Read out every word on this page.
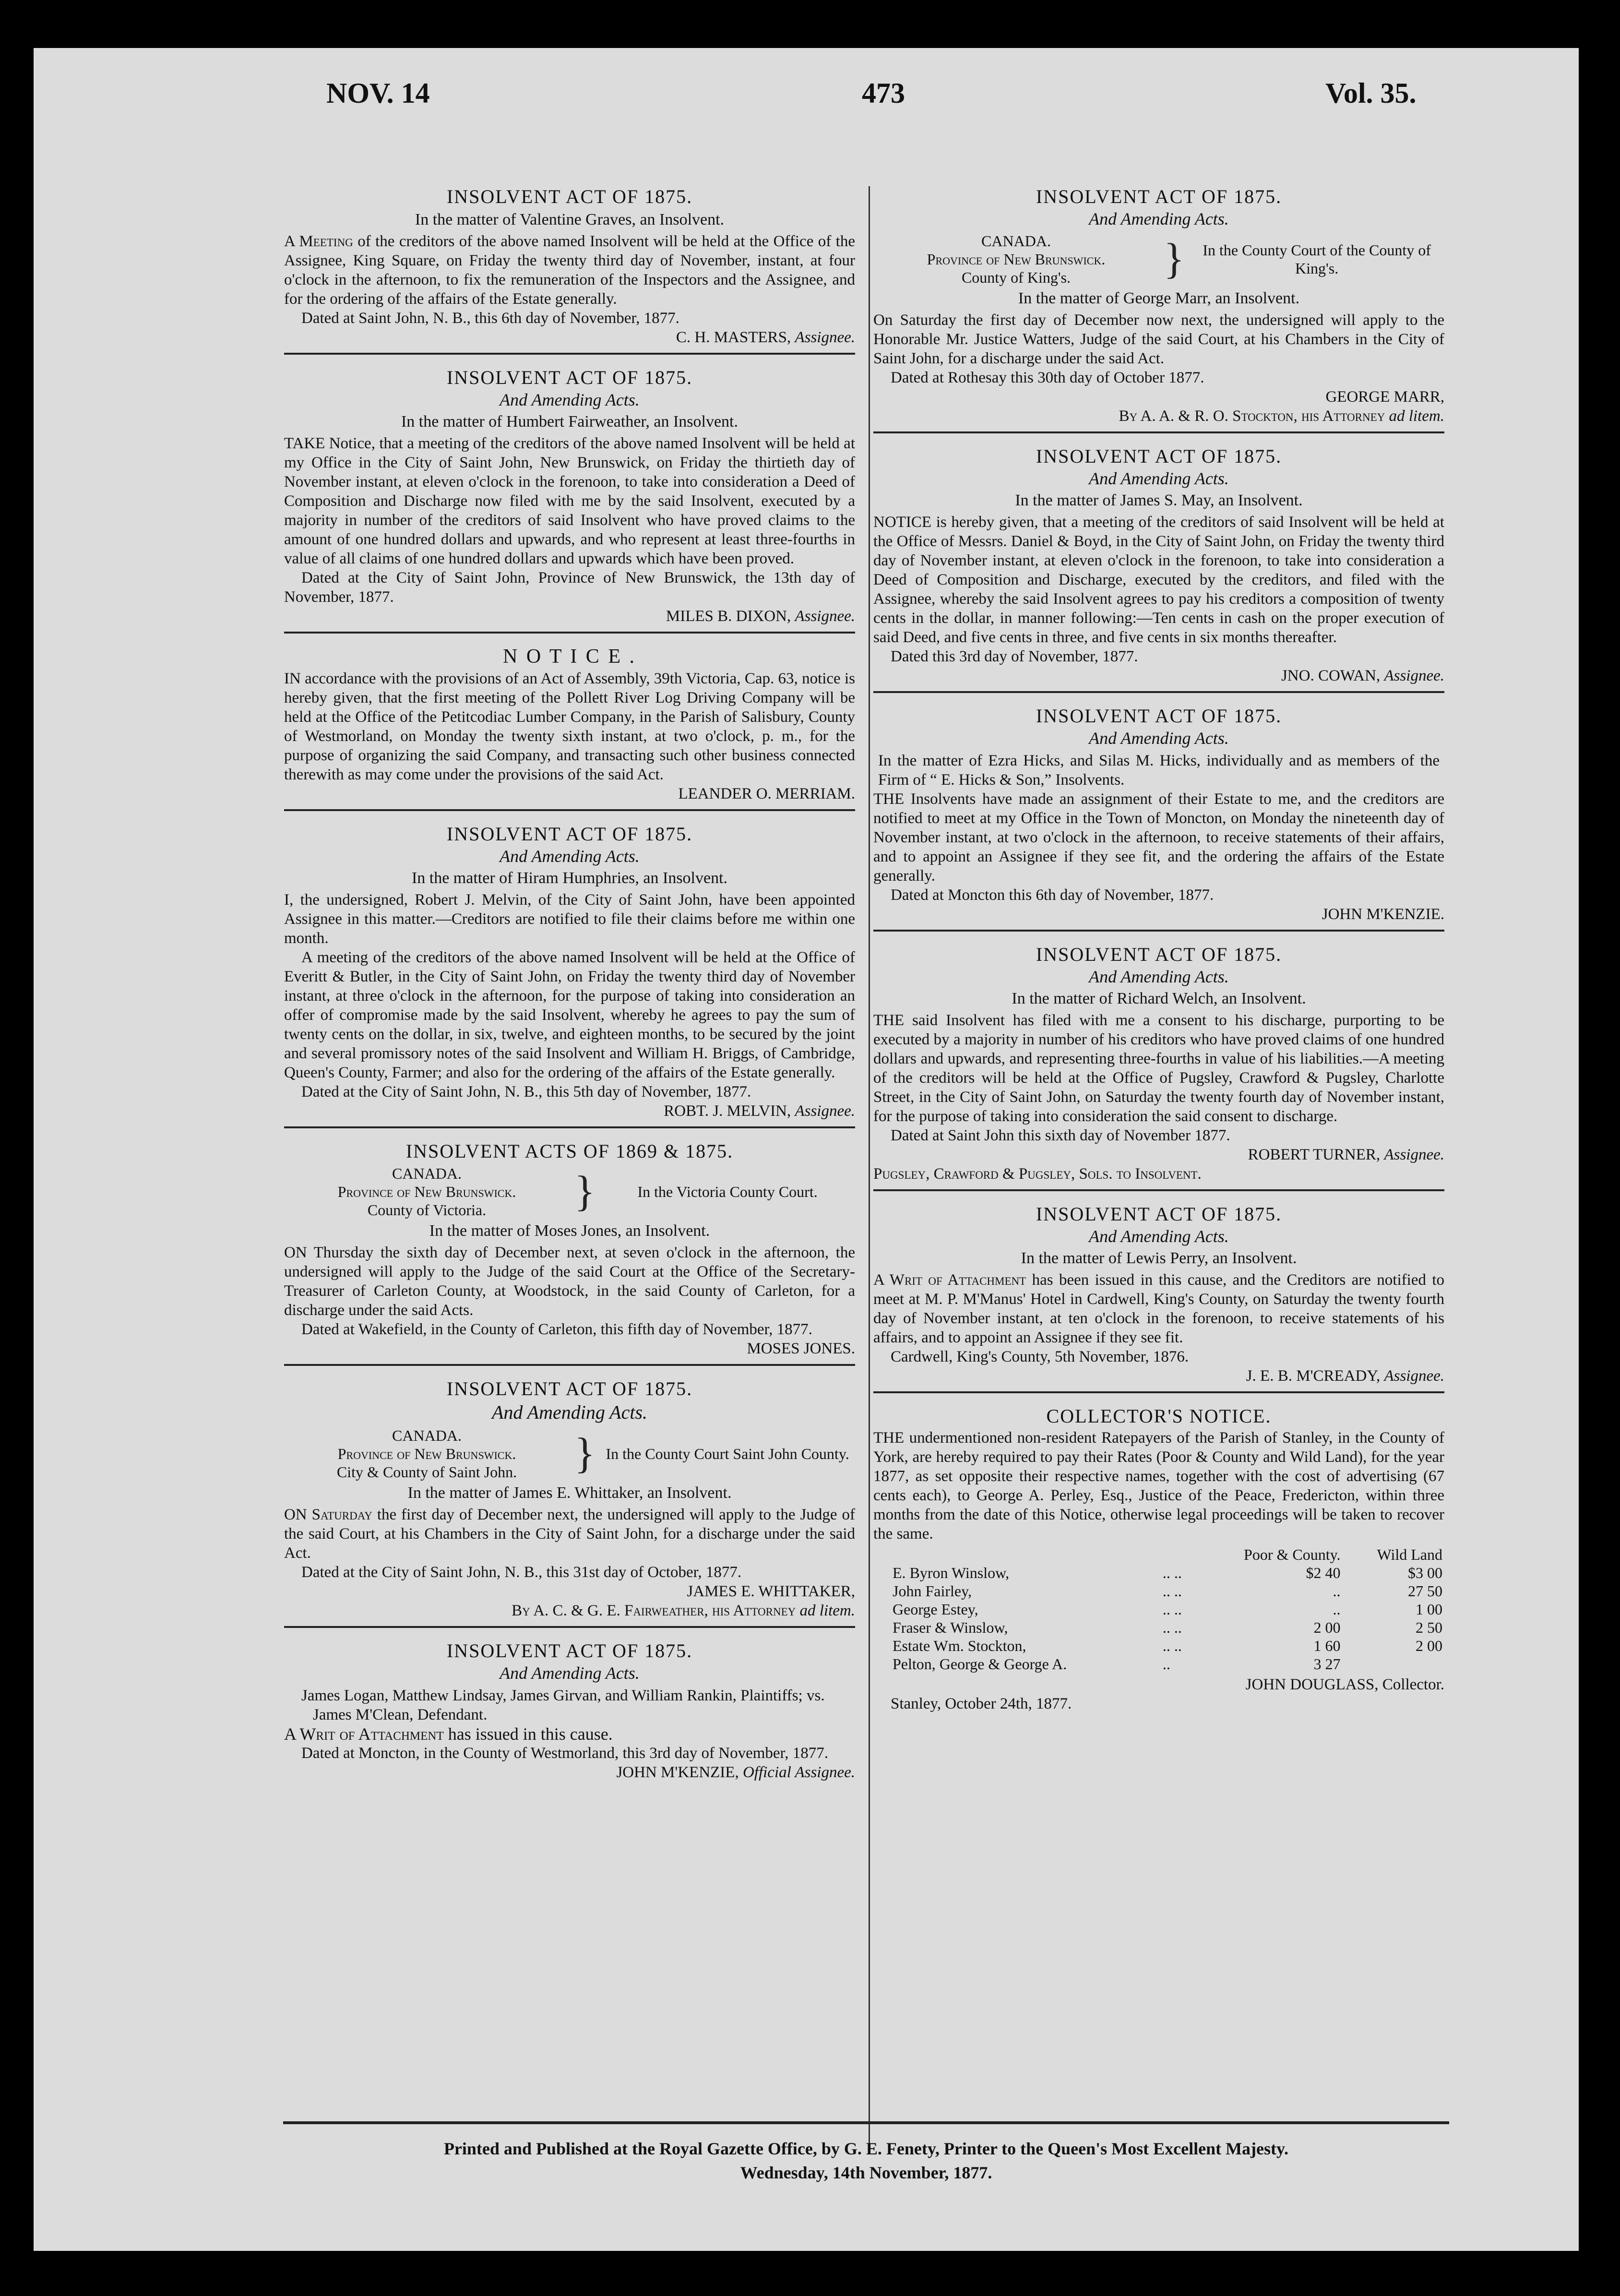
NOV. 14	473	Vol. 35.
INSOLVENT ACT OF 1875.
In the matter of Valentine Graves, an Insolvent.

A Meeting of the creditors of the above named Insolvent will be held at the Office of the Assignee, King Square, on Friday the twenty third day of November, instant, at four o'clock in the afternoon, to fix the remuneration of the Inspectors and the Assignee, and for the ordering of the affairs of the Estate generally.

Dated at Saint John, N. B., this 6th day of November, 1877.

C. H. MASTERS, Assignee.

INSOLVENT ACT OF 1875.
And Amending Acts.
In the matter of Humbert Fairweather, an Insolvent.

TAKE Notice, that a meeting of the creditors of the above named Insolvent will be held at my Office in the City of Saint John, New Brunswick, on Friday the thirtieth day of November instant, at eleven o'clock in the forenoon, to take into consideration a Deed of Composition and Discharge now filed with me by the said Insolvent, executed by a majority in number of the creditors of said Insolvent who have proved claims to the amount of one hundred dollars and upwards, and who represent at least three-fourths in value of all claims of one hundred dollars and upwards which have been proved.

Dated at the City of Saint John, Province of New Brunswick, the 13th day of November, 1877.

MILES B. DIXON, Assignee.

N O T I C E .

IN accordance with the provisions of an Act of Assembly, 39th Victoria, Cap. 63, notice is hereby given, that the first meeting of the Pollett River Log Driving Company will be held at the Office of the Petitcodiac Lumber Company, in the Parish of Salisbury, County of Westmorland, on Monday the twenty sixth instant, at two o'clock, p. m., for the purpose of organizing the said Company, and transacting such other business connected therewith as may come under the provisions of the said Act.

LEANDER O. MERRIAM.

INSOLVENT ACT OF 1875.
And Amending Acts.
In the matter of Hiram Humphries, an Insolvent.

I, the undersigned, Robert J. Melvin, of the City of Saint John, have been appointed Assignee in this matter.—Creditors are notified to file their claims before me within one month.

A meeting of the creditors of the above named Insolvent will be held at the Office of Everitt & Butler, in the City of Saint John, on Friday the twenty third day of November instant, at three o'clock in the afternoon, for the purpose of taking into consideration an offer of compromise made by the said Insolvent, whereby he agrees to pay the sum of twenty cents on the dollar, in six, twelve, and eighteen months, to be secured by the joint and several promissory notes of the said Insolvent and William H. Briggs, of Cambridge, Queen's County, Farmer; and also for the ordering of the affairs of the Estate generally.

Dated at the City of Saint John, N. B., this 5th day of November, 1877.

ROBT. J. MELVIN, Assignee.

INSOLVENT ACTS OF 1869 & 1875.
CANADA.
Province of New Brunswick.
County of Victoria.	}	In the Victoria County Court.
In the matter of Moses Jones, an Insolvent.

ON Thursday the sixth day of December next, at seven o'clock in the afternoon, the undersigned will apply to the Judge of the said Court at the Office of the Secretary-Treasurer of Carleton County, at Woodstock, in the said County of Carleton, for a discharge under the said Acts.

Dated at Wakefield, in the County of Carleton, this fifth day of November, 1877.

MOSES JONES.

INSOLVENT ACT OF 1875.
And Amending Acts.
CANADA.
Province of New Brunswick.
City & County of Saint John.	} In the County Court Saint John County.
In the matter of James E. Whittaker, an Insolvent.

ON Saturday the first day of December next, the undersigned will apply to the Judge of the said Court, at his Chambers in the City of Saint John, for a discharge under the said Act.

Dated at the City of Saint John, N. B., this 31st day of October, 1877.

JAMES E. WHITTAKER,

By A. C. & G. E. Fairweather, his Attorney ad litem.

INSOLVENT ACT OF 1875.
And Amending Acts.

James Logan, Matthew Lindsay, James Girvan, and William Rankin, Plaintiffs; vs.

James M'Clean, Defendant.

A Writ of Attachment has issued in this cause.

Dated at Moncton, in the County of Westmorland, this 3rd day of November, 1877.

JOHN M'KENZIE, Official Assignee.

INSOLVENT ACT OF 1875.
And Amending Acts.
CANADA.
Province of New Brunswick.
County of King's.	}	In the County Court of the County of King's.
In the matter of George Marr, an Insolvent.

On Saturday the first day of December now next, the undersigned will apply to the Honorable Mr. Justice Watters, Judge of the said Court, at his Chambers in the City of Saint John, for a discharge under the said Act.

Dated at Rothesay this 30th day of October 1877.

GEORGE MARR,

By A. A. & R. O. Stockton, his Attorney ad litem.

INSOLVENT ACT OF 1875.
And Amending Acts.
In the matter of James S. May, an Insolvent.

NOTICE is hereby given, that a meeting of the creditors of said Insolvent will be held at the Office of Messrs. Daniel & Boyd, in the City of Saint John, on Friday the twenty third day of November instant, at eleven o'clock in the forenoon, to take into consideration a Deed of Composition and Discharge, executed by the creditors, and filed with the Assignee, whereby the said Insolvent agrees to pay his creditors a composition of twenty cents in the dollar, in manner following:—Ten cents in cash on the proper execution of said Deed, and five cents in three, and five cents in six months thereafter.

Dated this 3rd day of November, 1877.

JNO. COWAN, Assignee.

INSOLVENT ACT OF 1875.
And Amending Acts.

In the matter of Ezra Hicks, and Silas M. Hicks, individually and as members of the Firm of “ E. Hicks & Son,” Insolvents.

THE Insolvents have made an assignment of their Estate to me, and the creditors are notified to meet at my Office in the Town of Moncton, on Monday the nineteenth day of November instant, at two o'clock in the afternoon, to receive statements of their affairs, and to appoint an Assignee if they see fit, and the ordering the affairs of the Estate generally.

Dated at Moncton this 6th day of November, 1877.

JOHN M'KENZIE.

INSOLVENT ACT OF 1875.
And Amending Acts.
In the matter of Richard Welch, an Insolvent.

THE said Insolvent has filed with me a consent to his discharge, purporting to be executed by a majority in number of his creditors who have proved claims of one hundred dollars and upwards, and representing three-fourths in value of his liabilities.—A meeting of the creditors will be held at the Office of Pugsley, Crawford & Pugsley, Charlotte Street, in the City of Saint John, on Saturday the twenty fourth day of November instant, for the purpose of taking into consideration the said consent to discharge.

Dated at Saint John this sixth day of November 1877.

ROBERT TURNER, Assignee.

Pugsley, Crawford & Pugsley, Sols. to Insolvent.

INSOLVENT ACT OF 1875.
And Amending Acts.
In the matter of Lewis Perry, an Insolvent.

A Writ of Attachment has been issued in this cause, and the Creditors are notified to meet at M. P. M'Manus' Hotel in Cardwell, King's County, on Saturday the twenty fourth day of November instant, at ten o'clock in the forenoon, to receive statements of his affairs, and to appoint an Assignee if they see fit.

Cardwell, King's County, 5th November, 1876.

J. E. B. M'CREADY, Assignee.

COLLECTOR'S NOTICE.

THE undermentioned non-resident Ratepayers of the Parish of Stanley, in the County of York, are hereby required to pay their Rates (Poor & County and Wild Land), for the year 1877, as set opposite their respective names, together with the cost of advertising (67 cents each), to George A. Perley, Esq., Justice of the Peace, Fredericton, within three months from the date of this Notice, otherwise legal proceedings will be taken to recover the same.

		Poor & County.	Wild Land
E. Byron Winslow,	.. ..	$2 40	$3 00
John Fairley,	.. ..	..	27 50
George Estey,	.. ..	..	1 00
Fraser & Winslow,	.. ..	2 00	2 50
Estate Wm. Stockton,	.. ..	1 60	2 00
Pelton, George & George A.	..	3 27	

JOHN DOUGLASS, Collector.

Stanley, October 24th, 1877.

Printed and Published at the Royal Gazette Office, by G. E. Fenety, Printer to the Queen's Most Excellent Majesty.
Wednesday, 14th November, 1877.
